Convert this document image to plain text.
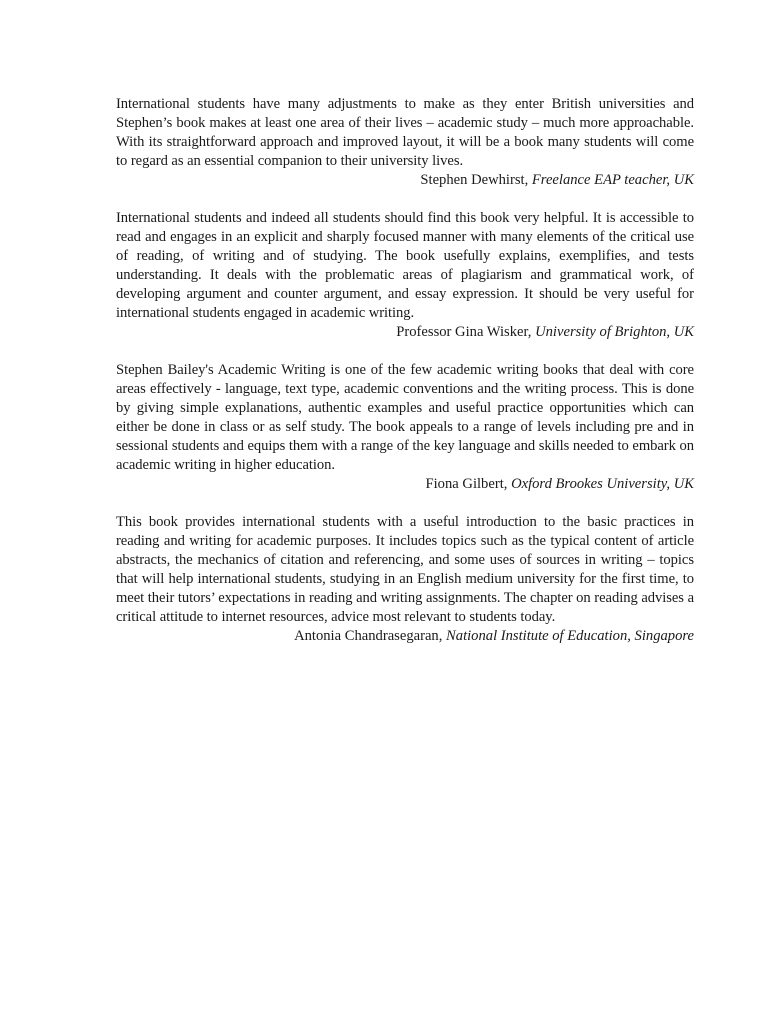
International students have many adjustments to make as they enter British universities and Stephen’s book makes at least one area of their lives – academic study – much more approachable. With its straightforward approach and improved layout, it will be a book many students will come to regard as an essential companion to their university lives.

Stephen Dewhirst, Freelance EAP teacher, UK

International students and indeed all students should find this book very helpful. It is accessible to read and engages in an explicit and sharply focused manner with many elements of the critical use of reading, of writing and of studying. The book usefully explains, exemplifies, and tests understanding. It deals with the problematic areas of plagiarism and grammatical work, of developing argument and counter argument, and essay expression. It should be very useful for international students engaged in academic writing.

Professor Gina Wisker, University of Brighton, UK

Stephen Bailey's Academic Writing is one of the few academic writing books that deal with core areas effectively - language, text type, academic conventions and the writing process. This is done by giving simple explanations, authentic examples and useful practice opportunities which can either be done in class or as self study. The book appeals to a range of levels including pre and in sessional students and equips them with a range of the key language and skills needed to embark on academic writing in higher education.

Fiona Gilbert, Oxford Brookes University, UK

This book provides international students with a useful introduction to the basic practices in reading and writing for academic purposes. It includes topics such as the typical content of article abstracts, the mechanics of citation and referencing, and some uses of sources in writing – topics that will help international students, studying in an English medium university for the first time, to meet their tutors’ expectations in reading and writing assignments. The chapter on reading advises a critical attitude to internet resources, advice most relevant to students today.

Antonia Chandrasegaran, National Institute of Education, Singapore
